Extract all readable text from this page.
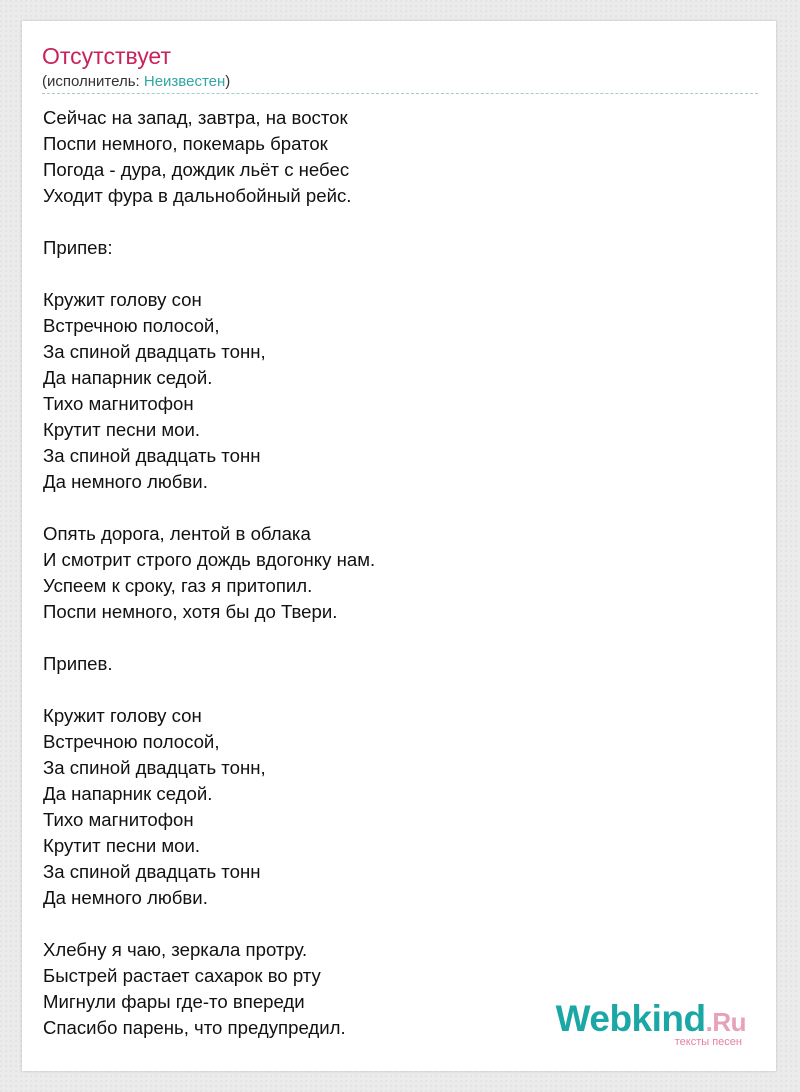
Отсутствует
(исполнитель: Неизвестен)
Сейчас на запад, завтра, на восток
Поспи немного, покемарь браток
Погода - дура, дождик льёт с небес
Уходит фура в дальнобойный рейс.
Припев:
Кружит голову сон
Встречною полосой,
За спиной двадцать тонн,
Да напарник седой.
Тихо магнитофон
Крутит песни мои.
За спиной двадцать тонн
Да немного любви.
Опять дорога, лентой в облака
И смотрит строго дождь вдогонку нам.
Успеем к сроку, газ я притопил.
Поспи немного, хотя бы до Твери.
Припев.
Кружит голову сон
Встречною полосой,
За спиной двадцать тонн,
Да напарник седой.
Тихо магнитофон
Крутит песни мои.
За спиной двадцать тонн
Да немного любви.
Хлебну я чаю, зеркала протру.
Быстрей растает сахарок во рту
Мигнули фары где-то впереди
Спасибо парень, что предупредил.	Webkind.Ru
тексты песен
